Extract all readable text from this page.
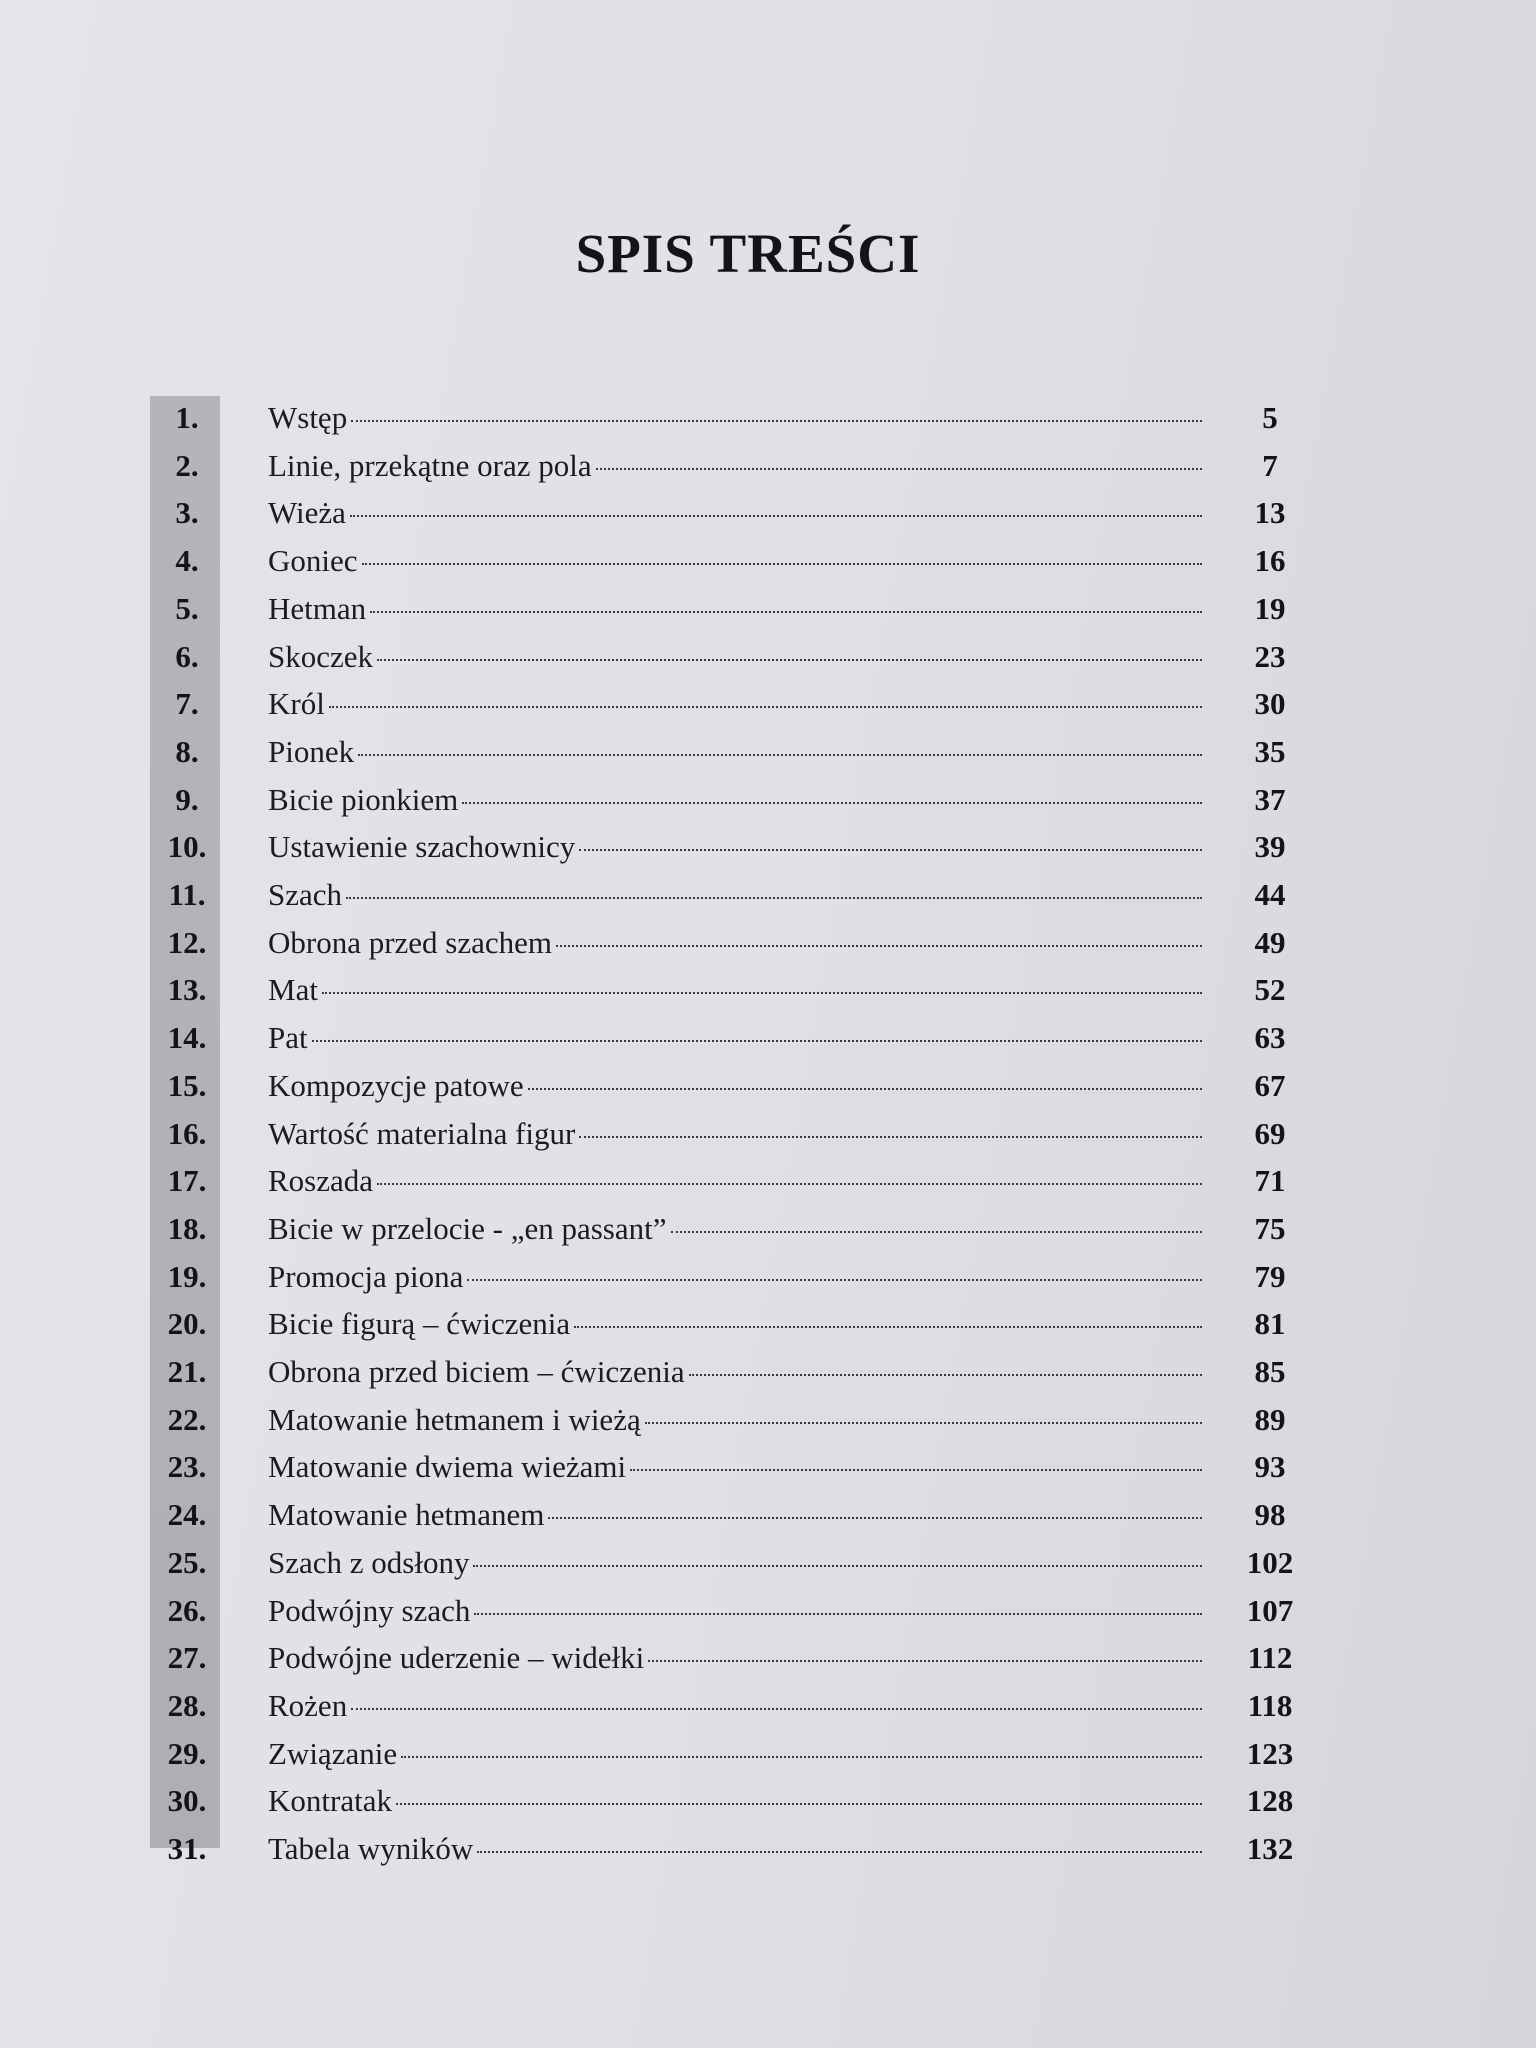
SPIS TREŚCI
1.	Wstęp	5
2.	Linie, przekątne oraz pola	7
3.	Wieża	13
4.	Goniec	16
5.	Hetman	19
6.	Skoczek	23
7.	Król	30
8.	Pionek	35
9.	Bicie pionkiem	37
10.	Ustawienie szachownicy	39
11.	Szach	44
12.	Obrona przed szachem	49
13.	Mat	52
14.	Pat	63
15.	Kompozycje patowe	67
16.	Wartość materialna figur	69
17.	Roszada	71
18.	Bicie w przelocie - „en passant”	75
19.	Promocja piona	79
20.	Bicie figurą – ćwiczenia	81
21.	Obrona przed biciem – ćwiczenia	85
22.	Matowanie hetmanem i wieżą	89
23.	Matowanie dwiema wieżami	93
24.	Matowanie hetmanem	98
25.	Szach z odsłony	102
26.	Podwójny szach	107
27.	Podwójne uderzenie – widełki	112
28.	Rożen	118
29.	Związanie	123
30.	Kontratak	128
31.	Tabela wyników	132
